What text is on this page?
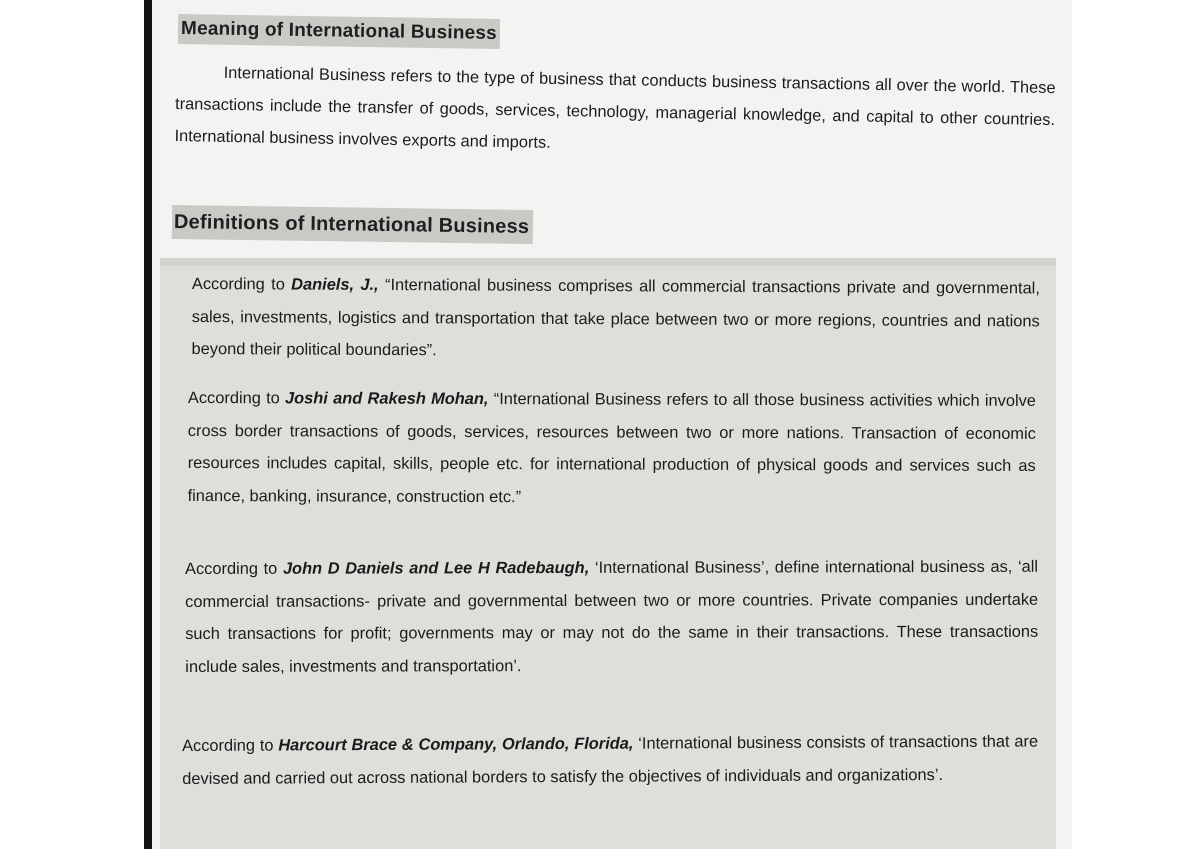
Meaning of International Business

International Business refers to the type of business that conducts business transactions all over the world. These transactions include the transfer of goods, services, technology, managerial knowledge, and capital to other countries. International business involves exports and imports.

Definitions of International Business

According to Daniels, J., “International business comprises all commercial transactions private and governmental, sales, investments, logistics and transportation that take place between two or more regions, countries and nations beyond their political boundaries”.

According to Joshi and Rakesh Mohan, “International Business refers to all those business activities which involve cross border transactions of goods, services, resources between two or more nations. Transaction of economic resources includes capital, skills, people etc. for international production of physical goods and services such as finance, banking, insurance, construction etc.”

According to John D Daniels and Lee H Radebaugh, ‘International Business’, define international business as, ‘all commercial transactions- private and governmental between two or more countries. Private companies undertake such transactions for profit; governments may or may not do the same in their transactions. These transactions include sales, investments and transportation’.

According to Harcourt Brace & Company, Orlando, Florida, ‘International business consists of transactions that are devised and carried out across national borders to satisfy the objectives of individuals and organizations’.
